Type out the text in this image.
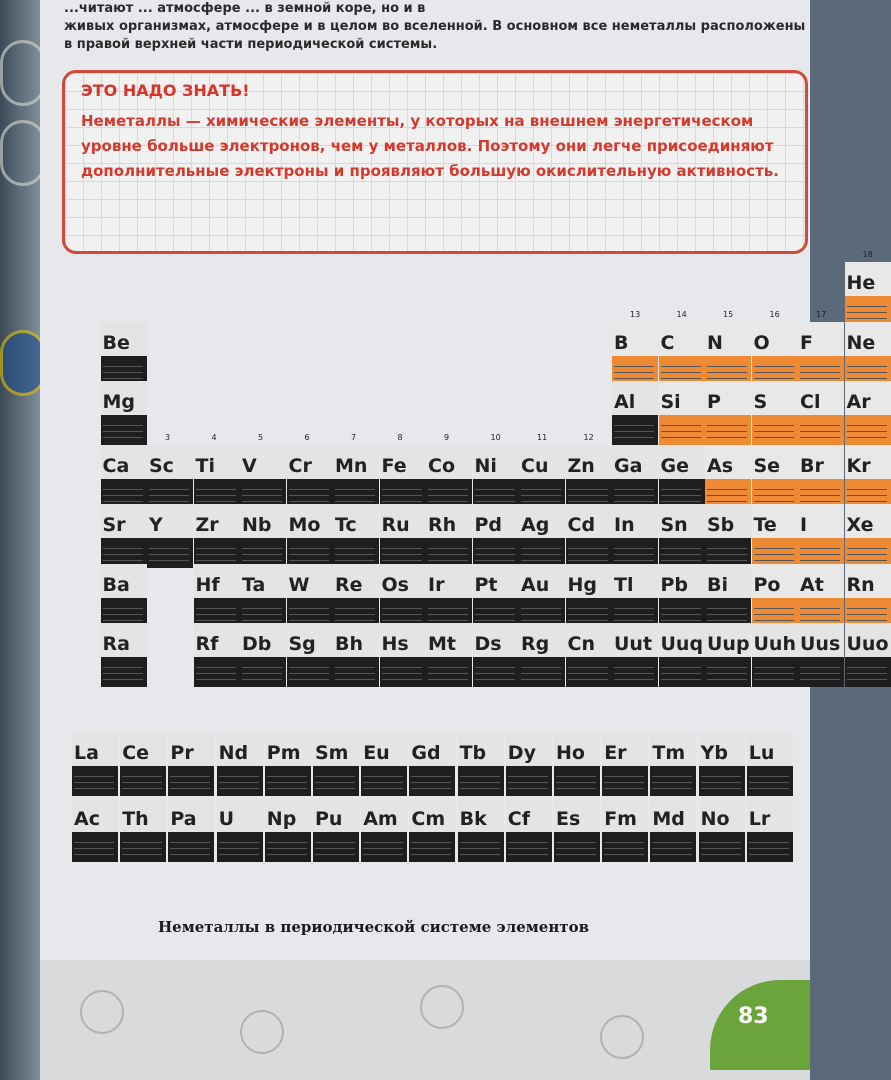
...читают ... атмосфере ... в земной коре, но и в
живых организмах, атмосфере и в целом во вселенной. В основном все неметаллы расположены
в правой верхней части периодической системы.
ЭТО НАДО ЗНАТЬ!
Неметаллы — химические элементы, у которых на внешнем энергетическом уровне больше электронов, чем у металлов. Поэтому они легче присоединяют дополнительные электроны и проявляют большую окислительную активность.
He
Be	B C N O F Ne
Mg	Al Si P S Cl Ar
Ca Sc Ti V Cr Mn Fe Co Ni Cu Zn Ga Ge As Se Br Kr
Sr Y Zr Nb Mo Tc Ru Rh Pd Ag Cd In Sn Sb Te I Xe
Ba	Hf Ta W Re Os Ir Pt Au Hg Tl Pb Bi Po At Rn
Ra	Rf Db Sg Bh Hs Mt Ds Rg Cn Uut Uuq Uup Uuh Uus Uuo
3	4	5	6	7	8	9	10	11	12
13	14	15	16	17
18
La Ce Pr Nd Pm Sm Eu Gd Tb Dy Ho Er Tm Yb Lu
Ac Th Pa U Np Pu Am Cm Bk Cf Es Fm Md No Lr
Неметаллы в периодической системе элементов
83
